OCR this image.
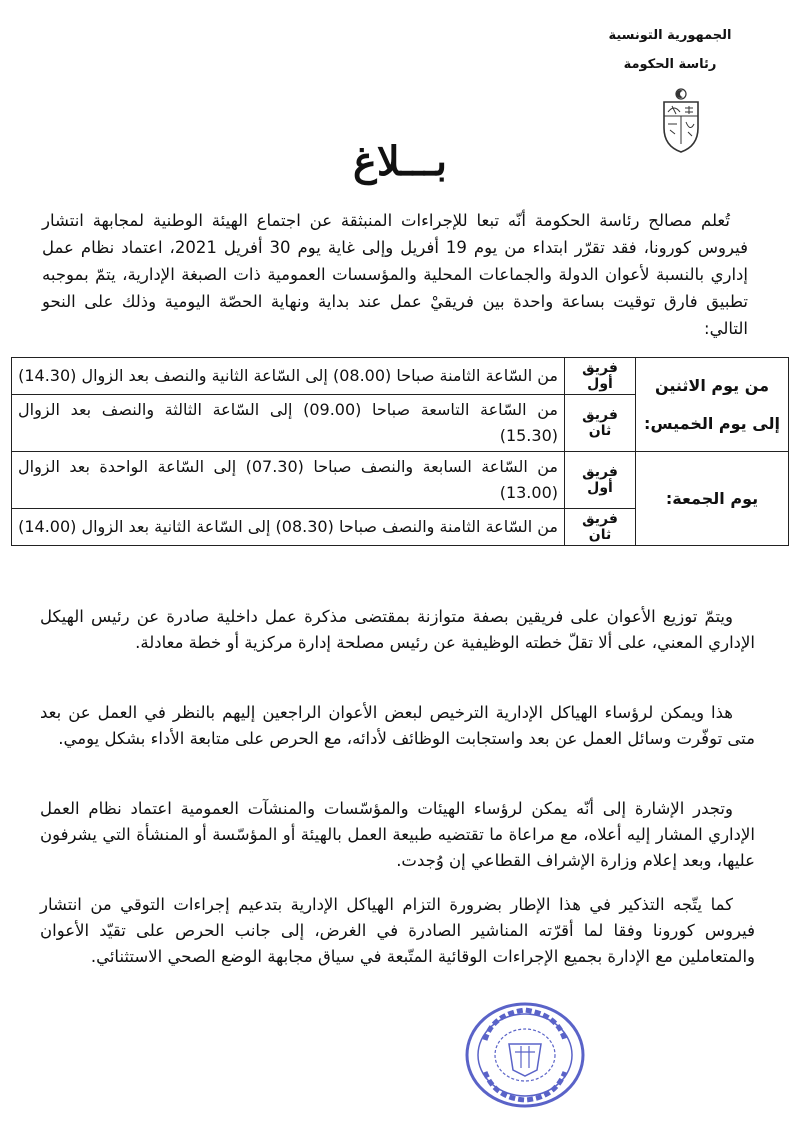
الجمهورية التونسية
رئاسة الحكومة
بـــلاغ

تُعلم مصالح رئاسة الحكومة أنّه تبعا للإجراءات المنبثقة عن اجتماع الهيئة الوطنية لمجابهة انتشار فيروس كورونا، فقد تقرّر ابتداء من يوم 19 أفريل وإلى غاية يوم 30 أفريل 2021، اعتماد نظام عمل إداري بالنسبة لأعوان الدولة والجماعات المحلية والمؤسسات العمومية ذات الصبغة الإدارية، يتمّ بموجبه تطبيق فارق توقيت بساعة واحدة بين فريقيْ عمل عند بداية ونهاية الحصّة اليومية وذلك على النحو التالي:

من يوم الاثنين إلى يوم الخميس:	فريق أول	من السّاعة الثامنة صباحا (08.00) إلى السّاعة الثانية والنصف بعد الزوال (14.30)
	فريق ثان	من السّاعة التاسعة صباحا (09.00) إلى السّاعة الثالثة والنصف بعد الزوال (15.30)
يوم الجمعة:	فريق أول	من السّاعة السابعة والنصف صباحا (07.30) إلى السّاعة الواحدة بعد الزوال (13.00)
	فريق ثان	من السّاعة الثامنة والنصف صباحا (08.30) إلى السّاعة الثانية بعد الزوال (14.00)

ويتمّ توزيع الأعوان على فريقين بصفة متوازنة بمقتضى مذكرة عمل داخلية صادرة عن رئيس الهيكل الإداري المعني، على ألا تقلّ خطته الوظيفية عن رئيس مصلحة إدارة مركزية أو خطة معادلة.

هذا ويمكن لرؤساء الهياكل الإدارية الترخيص لبعض الأعوان الراجعين إليهم بالنظر في العمل عن بعد متى توفّرت وسائل العمل عن بعد واستجابت الوظائف لأدائه، مع الحرص على متابعة الأداء بشكل يومي.

وتجدر الإشارة إلى أنّه يمكن لرؤساء الهيئات والمؤسّسات والمنشآت العمومية اعتماد نظام العمل الإداري المشار إليه أعلاه، مع مراعاة ما تقتضيه طبيعة العمل بالهيئة أو المؤسّسة أو المنشأة التي يشرفون عليها، وبعد إعلام وزارة الإشراف القطاعي إن وُجدت.

كما يتّجه التذكير في هذا الإطار بضرورة التزام الهياكل الإدارية بتدعيم إجراءات التوقي من انتشار فيروس كورونا وفقا لما أقرّته المناشير الصادرة في الغرض، إلى جانب الحرص على تقيّد الأعوان والمتعاملين مع الإدارة بجميع الإجراءات الوقائية المتّبعة في سياق مجابهة الوضع الصحي الاستثنائي.
